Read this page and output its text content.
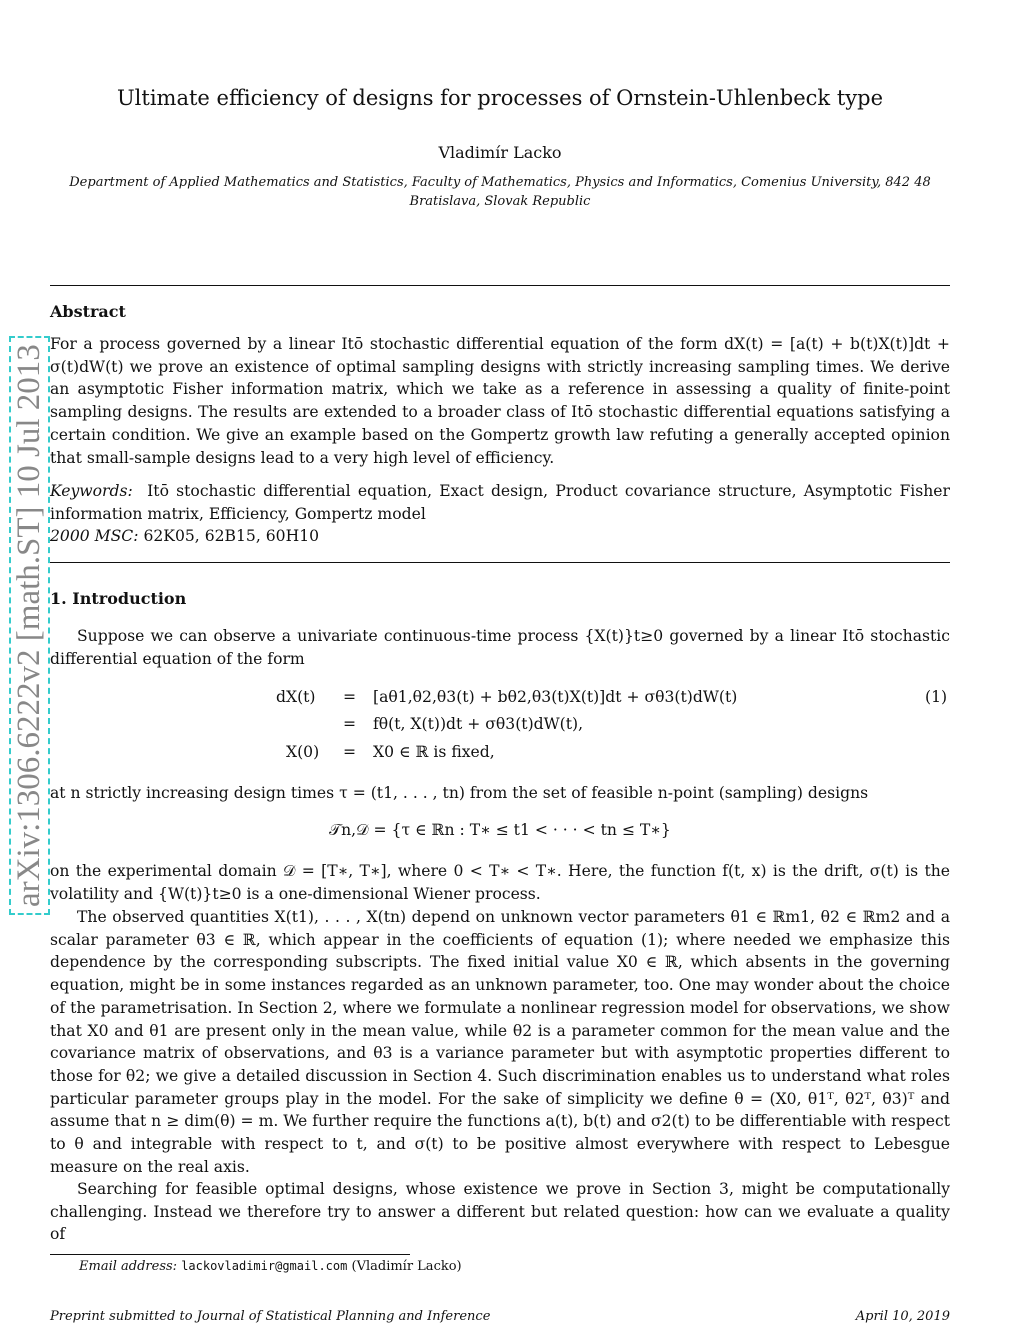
arXiv:1306.6222v2 [math.ST] 10 Jul 2013
Ultimate efficiency of designs for processes of Ornstein-Uhlenbeck type
Vladimír Lacko
Department of Applied Mathematics and Statistics, Faculty of Mathematics, Physics and Informatics, Comenius University, 842 48 Bratislava, Slovak Republic
Abstract
For a process governed by a linear Itō stochastic differential equation of the form dX(t) = [a(t) + b(t)X(t)]dt + σ(t)dW(t) we prove an existence of optimal sampling designs with strictly increasing sampling times. We derive an asymptotic Fisher information matrix, which we take as a reference in assessing a quality of finite-point sampling designs. The results are extended to a broader class of Itō stochastic differential equations satisfying a certain condition. We give an example based on the Gompertz growth law refuting a generally accepted opinion that small-sample designs lead to a very high level of efficiency.
Keywords: Itō stochastic differential equation, Exact design, Product covariance structure, Asymptotic Fisher information matrix, Efficiency, Gompertz model
2000 MSC: 62K05, 62B15, 60H10
1. Introduction
Suppose we can observe a univariate continuous-time process {X(t)}t≥0 governed by a linear Itō stochastic differential equation of the form
dX(t) = [aθ1,θ2,θ3(t) + bθ2,θ3(t)X(t)]dt + σθ3(t)dW(t)	(1)
= fθ(t, X(t))dt + σθ3(t)dW(t),
X(0) = X0 ∈ ℝ is fixed,
at n strictly increasing design times τ = (t1, . . . , tn) from the set of feasible n-point (sampling) designs
𝒯n,𝒟 = {τ ∈ ℝn : T∗ ≤ t1 < · · · < tn ≤ T∗}
on the experimental domain 𝒟 = [T∗, T∗], where 0 < T∗ < T∗. Here, the function f(t, x) is the drift, σ(t) is the volatility and {W(t)}t≥0 is a one-dimensional Wiener process.
The observed quantities X(t1), . . . , X(tn) depend on unknown vector parameters θ1 ∈ ℝm1, θ2 ∈ ℝm2 and a scalar parameter θ3 ∈ ℝ, which appear in the coefficients of equation (1); where needed we emphasize this dependence by the corresponding subscripts. The fixed initial value X0 ∈ ℝ, which absents in the governing equation, might be in some instances regarded as an unknown parameter, too. One may wonder about the choice of the parametrisation. In Section 2, where we formulate a nonlinear regression model for observations, we show that X0 and θ1 are present only in the mean value, while θ2 is a parameter common for the mean value and the covariance matrix of observations, and θ3 is a variance parameter but with asymptotic properties different to those for θ2; we give a detailed discussion in Section 4. Such discrimination enables us to understand what roles particular parameter groups play in the model. For the sake of simplicity we define θ = (X0, θ1ᵀ, θ2ᵀ, θ3)ᵀ and assume that n ≥ dim(θ) = m. We further require the functions a(t), b(t) and σ2(t) to be differentiable with respect to θ and integrable with respect to t, and σ(t) to be positive almost everywhere with respect to Lebesgue measure on the real axis.
Searching for feasible optimal designs, whose existence we prove in Section 3, might be computationally challenging. Instead we therefore try to answer a different but related question: how can we evaluate a quality of
Email address: lackovladimir@gmail.com (Vladimír Lacko)
Preprint submitted to Journal of Statistical Planning and Inference	April 10, 2019
